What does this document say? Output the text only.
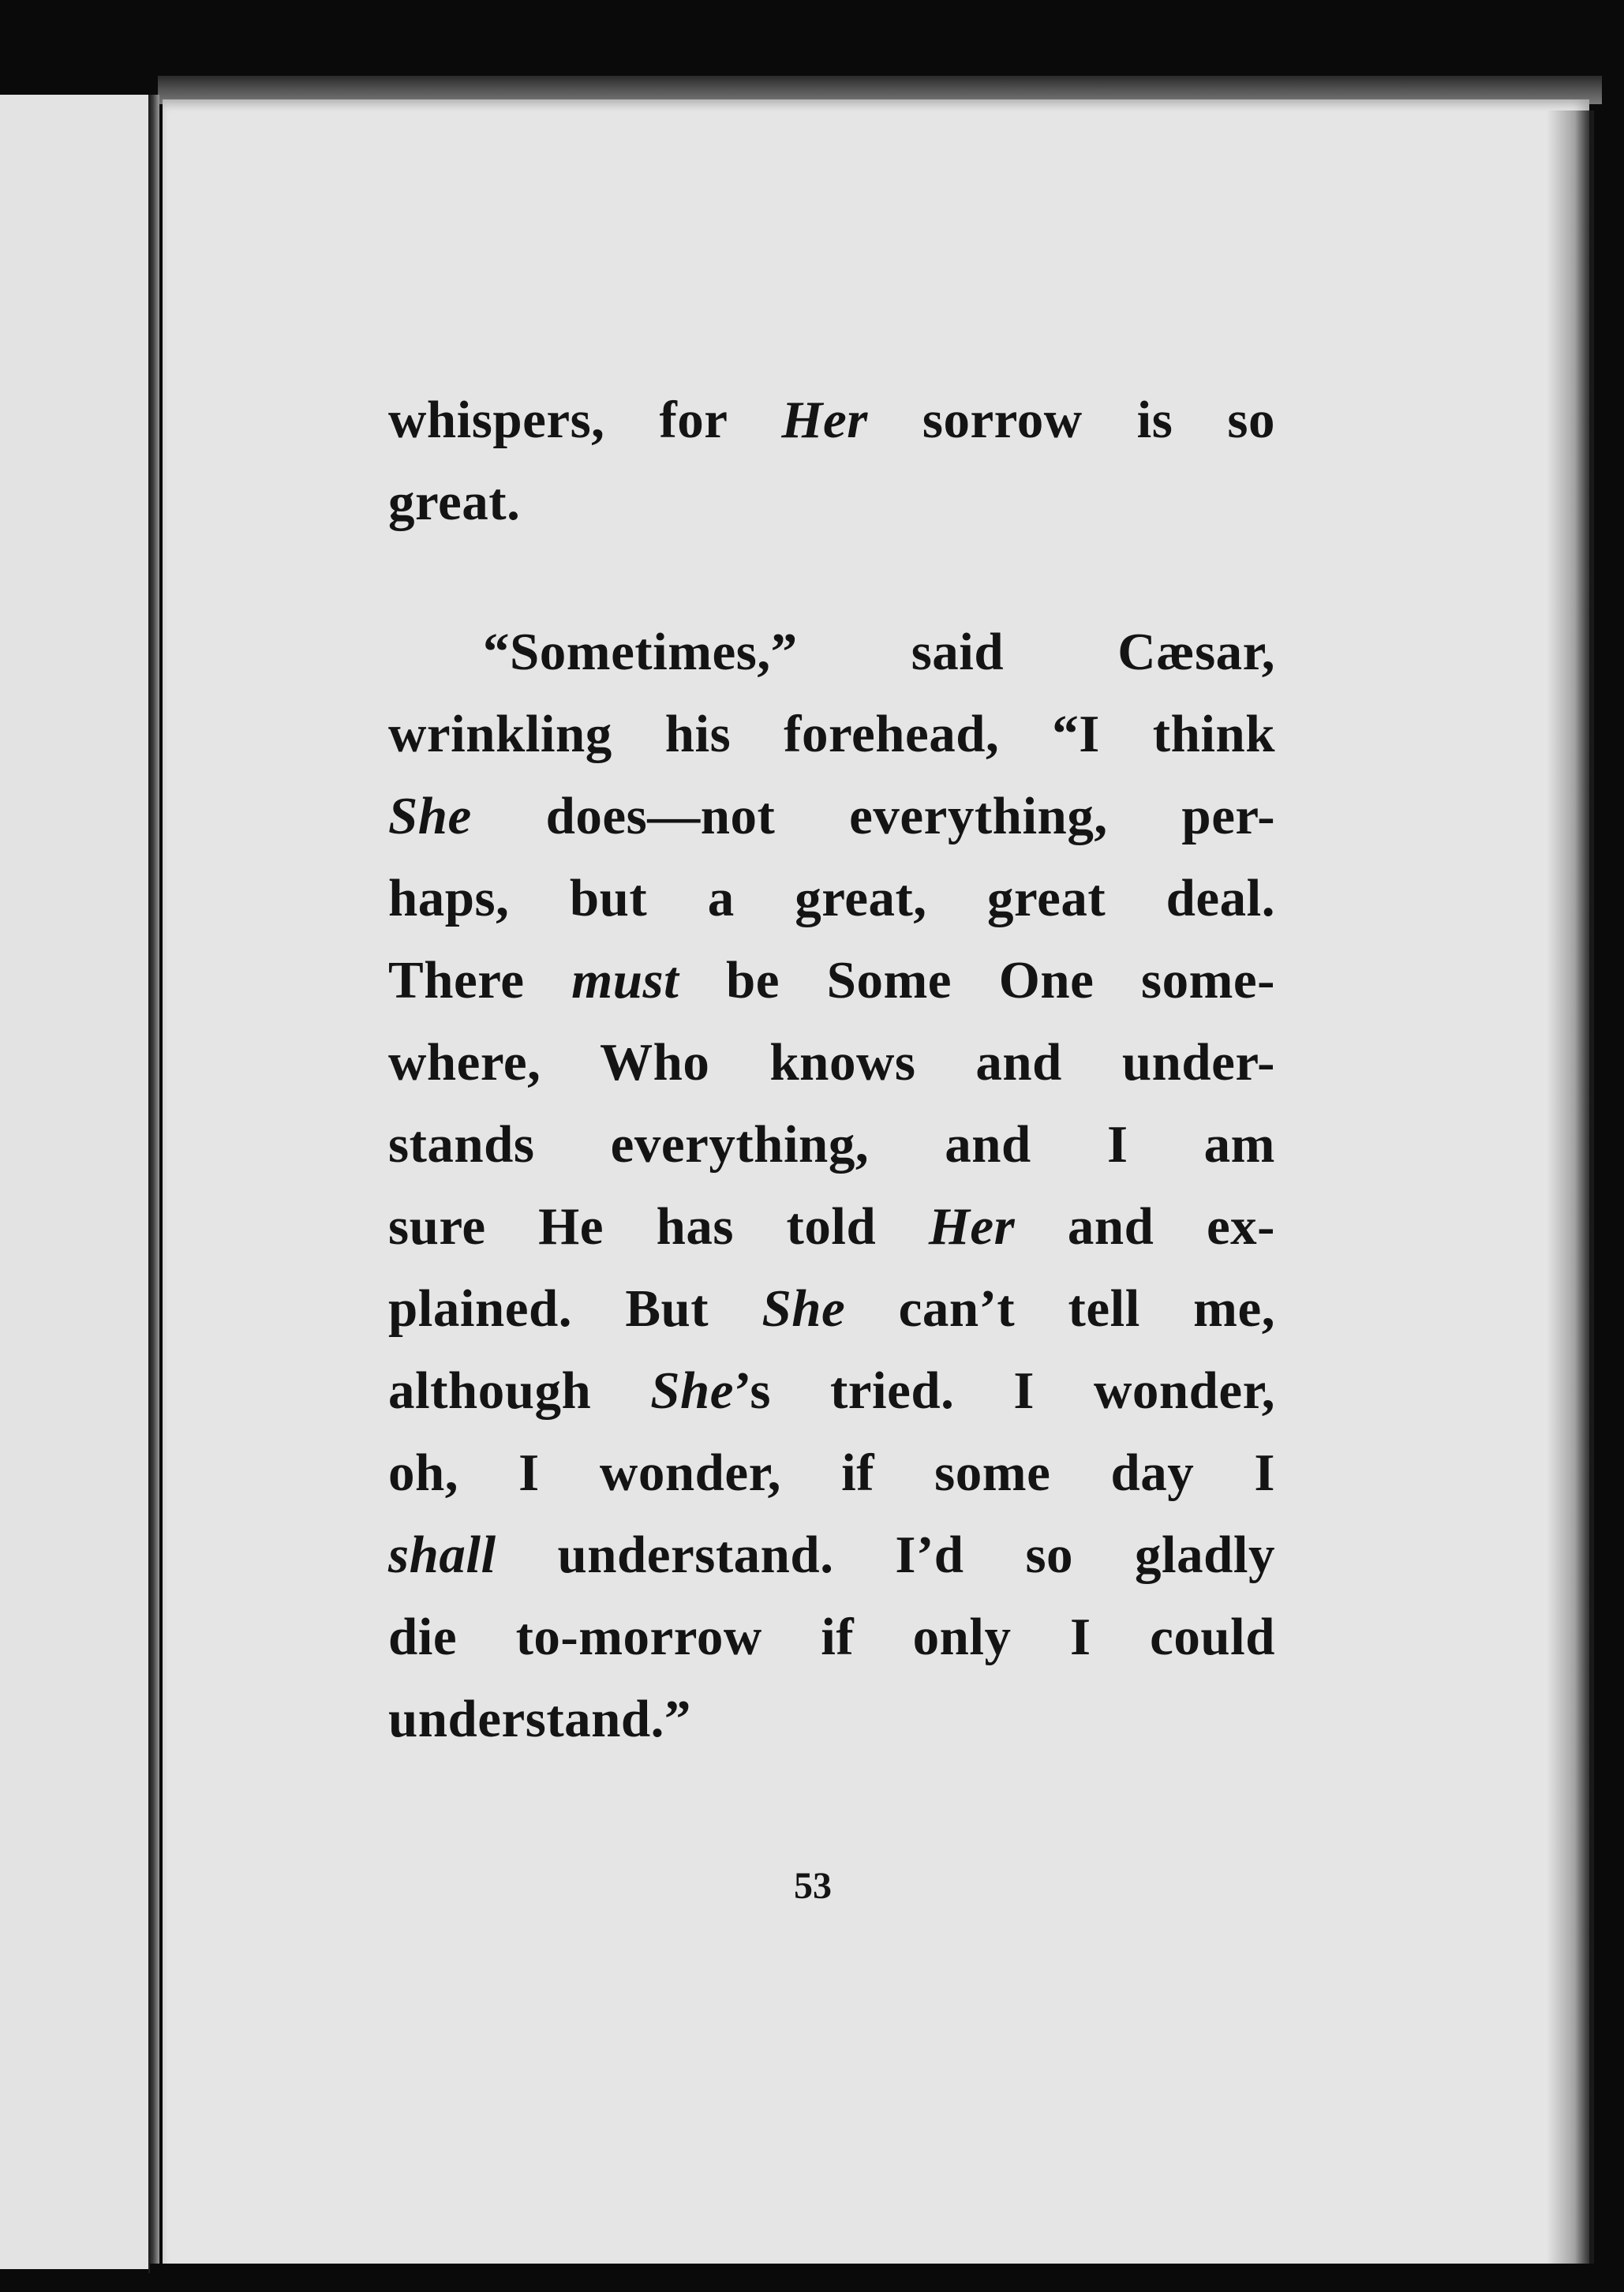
whispers, for Her sorrow is so
great.
“Sometimes,” said Cæsar,
wrinkling his forehead, “I think
She does—not everything, per-
haps, but a great, great deal.
There must be Some One some-
where, Who knows and under-
stands everything, and I am
sure He has told Her and ex-
plained. But She can’t tell me,
although She’s tried. I wonder,
oh, I wonder, if some day I
shall understand. I’d so gladly
die to-morrow if only I could
understand.”
53
